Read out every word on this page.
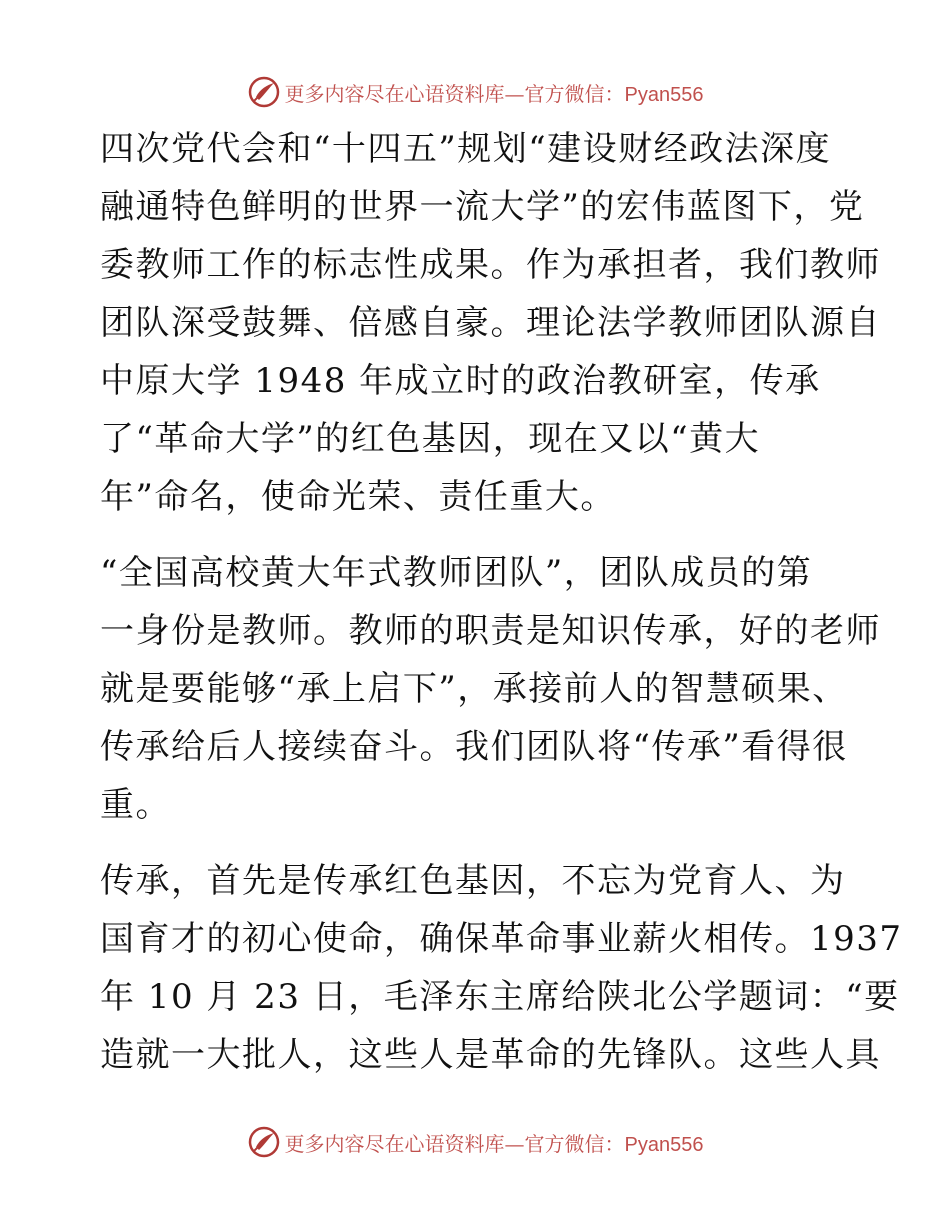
更多内容尽在心语资料库—官方微信：Pyan556
四次党代会和“十四五”规划“建设财经政法深度
融通特色鲜明的世界一流大学”的宏伟蓝图下，党
委教师工作的标志性成果。作为承担者，我们教师
团队深受鼓舞、倍感自豪。理论法学教师团队源自
中原大学 1948 年成立时的政治教研室，传承
了“革命大学”的红色基因，现在又以“黄大
年”命名，使命光荣、责任重大。
“全国高校黄大年式教师团队”，团队成员的第
一身份是教师。教师的职责是知识传承，好的老师
就是要能够“承上启下”，承接前人的智慧硕果、
传承给后人接续奋斗。我们团队将“传承”看得很
重。
传承，首先是传承红色基因，不忘为党育人、为
国育才的初心使命，确保革命事业薪火相传。1937
年 10 月 23 日，毛泽东主席给陕北公学题词：“要
造就一大批人，这些人是革命的先锋队。这些人具
更多内容尽在心语资料库—官方微信：Pyan556
